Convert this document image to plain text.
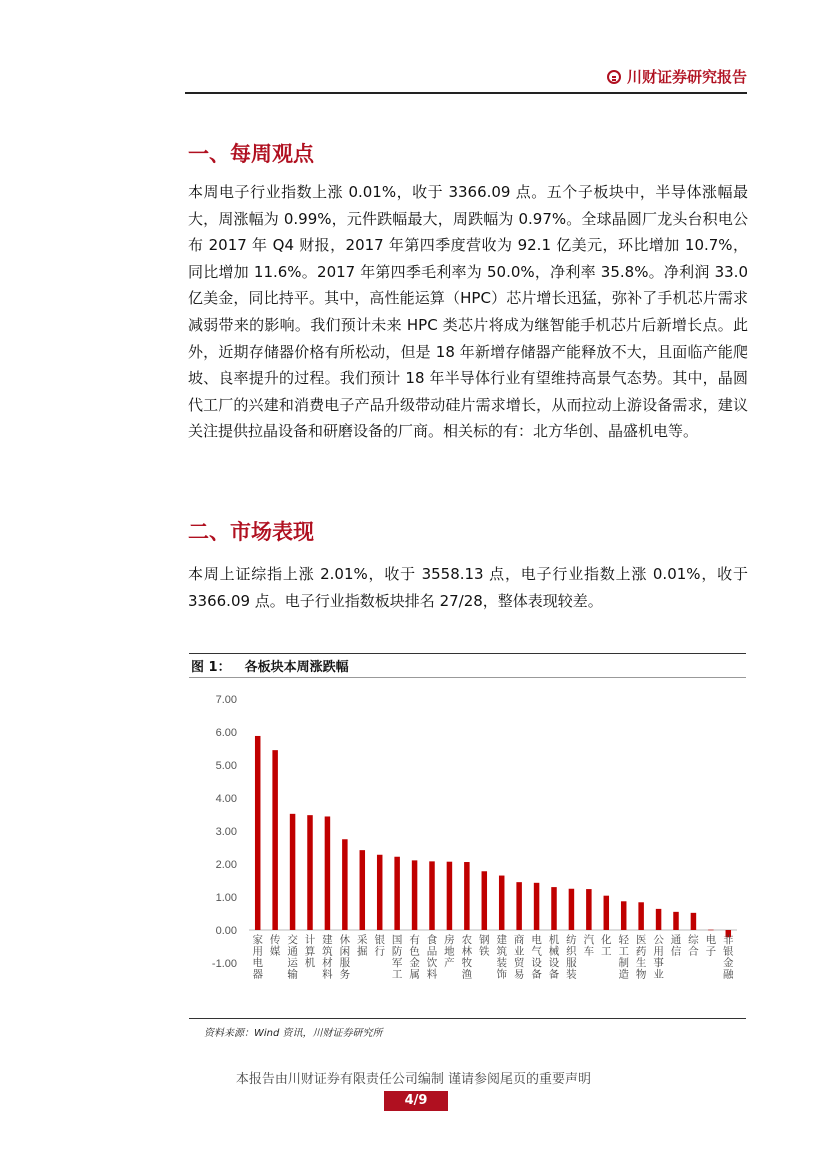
川财证券研究报告
一、每周观点
本周电子行业指数上涨 0.01%，收于 3366.09 点。五个子板块中，半导体涨幅最大，周涨幅为 0.99%，元件跌幅最大，周跌幅为 0.97%。全球晶圆厂龙头台积电公布 2017 年 Q4 财报，2017 年第四季度营收为 92.1 亿美元，环比增加 10.7%，同比增加 11.6%。2017 年第四季毛利率为 50.0%，净利率 35.8%。净利润 33.0 亿美金，同比持平。其中，高性能运算（HPC）芯片增长迅猛，弥补了手机芯片需求减弱带来的影响。我们预计未来 HPC 类芯片将成为继智能手机芯片后新增长点。此外，近期存储器价格有所松动，但是 18 年新增存储器产能释放不大，且面临产能爬坡、良率提升的过程。我们预计 18 年半导体行业有望维持高景气态势。其中，晶圆代工厂的兴建和消费电子产品升级带动硅片需求增长，从而拉动上游设备需求，建议关注提供拉晶设备和研磨设备的厂商。相关标的有：北方华创、晶盛机电等。
二、市场表现
本周上证综指上涨 2.01%，收于 3558.13 点，电子行业指数上涨 0.01%，收于 3366.09 点。电子行业指数板块排名 27/28，整体表现较差。
图 1： 各板块本周涨跌幅
7.00
6.00
5.00
4.00
3.00
2.00
1.00
0.00
-1.00
家
用
电
器
传
媒
交
通
运
输
计
算
机
建
筑
材
料
休
闲
服
务
采
掘
银
行
国
防
军
工
有
色
金
属
食
品
饮
料
房
地
产
农
林
牧
渔
钢
铁
建
筑
装
饰
商
业
贸
易
电
气
设
备
机
械
设
备
纺
织
服
装
汽
车
化
工
轻
工
制
造
医
药
生
物
公
用
事
业
通
信
综
合
电
子
非
银
金
融
资料来源：Wind 资讯，川财证券研究所
本报告由川财证券有限责任公司编制 谨请参阅尾页的重要声明
4/9
